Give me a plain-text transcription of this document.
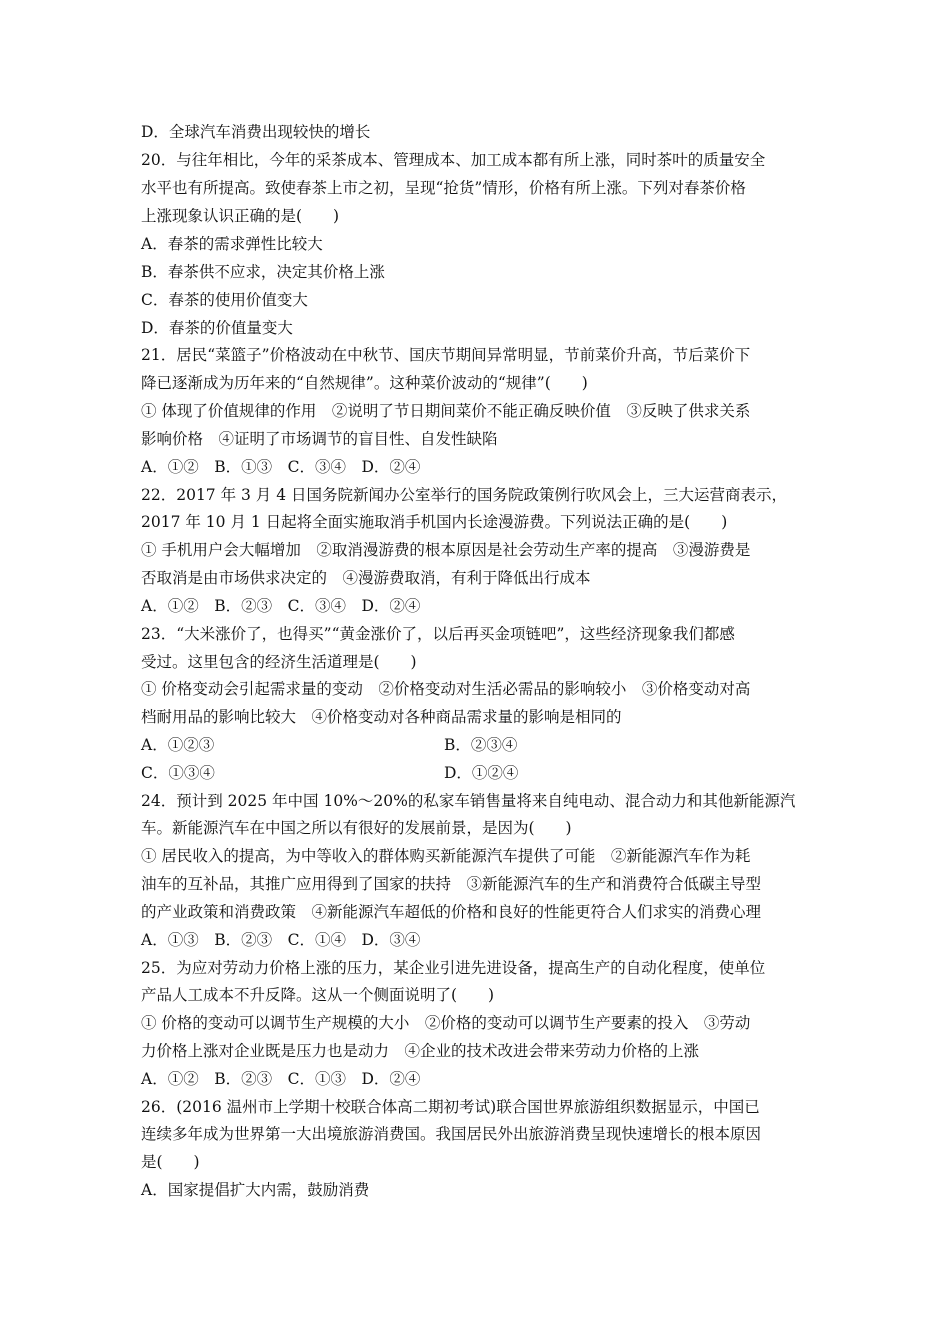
D．全球汽车消费出现较快的增长
20．与往年相比，今年的采茶成本、管理成本、加工成本都有所上涨，同时茶叶的质量安全
水平也有所提高。致使春茶上市之初，呈现“抢货”情形，价格有所上涨。下列对春茶价格
上涨现象认识正确的是(　　)
A．春茶的需求弹性比较大
B．春茶供不应求，决定其价格上涨
C．春茶的使用价值变大
D．春茶的价值量变大
21．居民“菜篮子”价格波动在中秋节、国庆节期间异常明显，节前菜价升高，节后菜价下
降已逐渐成为历年来的“自然规律”。这种菜价波动的“规律”(　　)
① 体现了价值规律的作用　②说明了节日期间菜价不能正确反映价值　③反映了供求关系
影响价格　④证明了市场调节的盲目性、自发性缺陷
A．①②　B．①③　C．③④　D．②④
22．2017 年 3 月 4 日国务院新闻办公室举行的国务院政策例行吹风会上，三大运营商表示，
2017 年 10 月 1 日起将全面实施取消手机国内长途漫游费。下列说法正确的是(　　)
① 手机用户会大幅增加　②取消漫游费的根本原因是社会劳动生产率的提高　③漫游费是
否取消是由市场供求决定的　④漫游费取消，有利于降低出行成本
A．①②　B．②③　C．③④　D．②④
23．“大米涨价了，也得买”“黄金涨价了，以后再买金项链吧”，这些经济现象我们都感
受过。这里包含的经济生活道理是(　　)
① 价格变动会引起需求量的变动　②价格变动对生活必需品的影响较小　③价格变动对高
档耐用品的影响比较大　④价格变动对各种商品需求量的影响是相同的
A．①②③	B．②③④
C．①③④	D．①②④
24．预计到 2025 年中国 10%～20%的私家车销售量将来自纯电动、混合动力和其他新能源汽
车。新能源汽车在中国之所以有很好的发展前景，是因为(　　)
① 居民收入的提高，为中等收入的群体购买新能源汽车提供了可能　②新能源汽车作为耗
油车的互补品，其推广应用得到了国家的扶持　③新能源汽车的生产和消费符合低碳主导型
的产业政策和消费政策　④新能源汽车超低的价格和良好的性能更符合人们求实的消费心理
A．①③　B．②③　C．①④　D．③④
25．为应对劳动力价格上涨的压力，某企业引进先进设备，提高生产的自动化程度，使单位
产品人工成本不升反降。这从一个侧面说明了(　　)
① 价格的变动可以调节生产规模的大小　②价格的变动可以调节生产要素的投入　③劳动
力价格上涨对企业既是压力也是动力　④企业的技术改进会带来劳动力价格的上涨
A．①②　B．②③　C．①③　D．②④
26．(2016 温州市上学期十校联合体高二期初考试)联合国世界旅游组织数据显示，中国已
连续多年成为世界第一大出境旅游消费国。我国居民外出旅游消费呈现快速增长的根本原因
是(　　)
A．国家提倡扩大内需，鼓励消费
